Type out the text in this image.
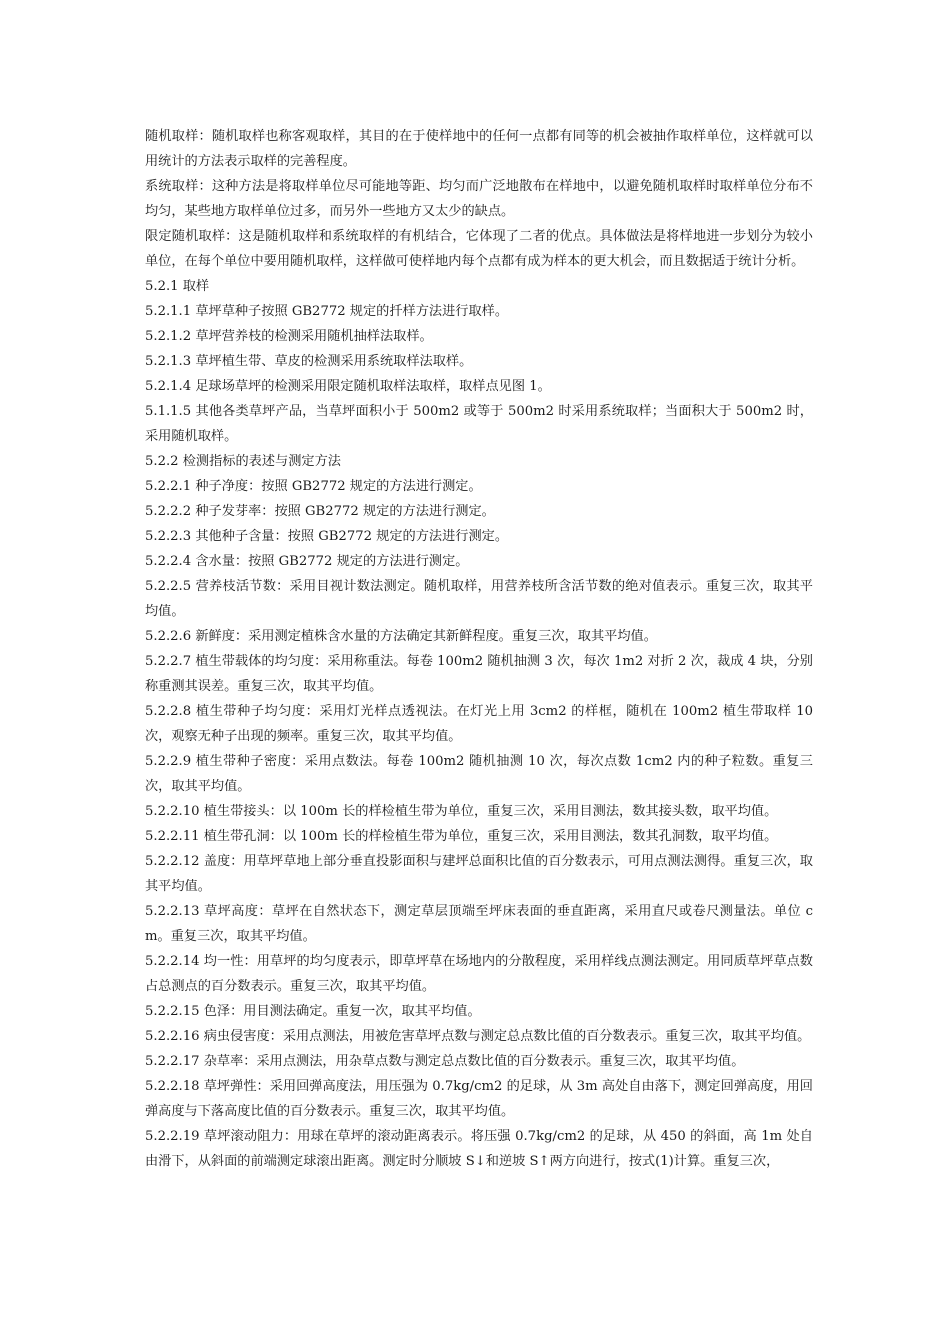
随机取样：随机取样也称客观取样，其目的在于使样地中的任何一点都有同等的机会被抽作取样单位，这样就可以用统计的方法表示取样的完善程度。

系统取样：这种方法是将取样单位尽可能地等距、均匀而广泛地散布在样地中，以避免随机取样时取样单位分布不均匀，某些地方取样单位过多，而另外一些地方又太少的缺点。

限定随机取样：这是随机取样和系统取样的有机结合，它体现了二者的优点。具体做法是将样地进一步划分为较小单位，在每个单位中要用随机取样，这样做可使样地内每个点都有成为样本的更大机会，而且数据适于统计分析。

5.2.1 取样

5.2.1.1 草坪草种子按照 GB2772 规定的扦样方法进行取样。

5.2.1.2 草坪营养枝的检测采用随机抽样法取样。

5.2.1.3 草坪植生带、草皮的检测采用系统取样法取样。

5.2.1.4 足球场草坪的检测采用限定随机取样法取样，取样点见图 1。

5.1.1.5 其他各类草坪产品，当草坪面积小于 500m2 或等于 500m2 时采用系统取样；当面积大于 500m2 时，采用随机取样。

5.2.2 检测指标的表述与测定方法

5.2.2.1 种子净度：按照 GB2772 规定的方法进行测定。

5.2.2.2 种子发芽率：按照 GB2772 规定的方法进行测定。

5.2.2.3 其他种子含量：按照 GB2772 规定的方法进行测定。

5.2.2.4 含水量：按照 GB2772 规定的方法进行测定。

5.2.2.5 营养枝活节数：采用目视计数法测定。随机取样，用营养枝所含活节数的绝对值表示。重复三次，取其平均值。

5.2.2.6 新鲜度：采用测定植株含水量的方法确定其新鲜程度。重复三次，取其平均值。

5.2.2.7 植生带载体的均匀度：采用称重法。每卷 100m2 随机抽测 3 次，每次 1m2 对折 2 次，裁成 4 块，分别称重测其误差。重复三次，取其平均值。

5.2.2.8 植生带种子均匀度：采用灯光样点透视法。在灯光上用 3cm2 的样框，随机在 100m2 植生带取样 10 次，观察无种子出现的频率。重复三次，取其平均值。

5.2.2.9 植生带种子密度：采用点数法。每卷 100m2 随机抽测 10 次，每次点数 1cm2 内的种子粒数。重复三次，取其平均值。

5.2.2.10 植生带接头：以 100m 长的样检植生带为单位，重复三次，采用目测法，数其接头数，取平均值。

5.2.2.11 植生带孔洞：以 100m 长的样检植生带为单位，重复三次，采用目测法，数其孔洞数，取平均值。

5.2.2.12 盖度：用草坪草地上部分垂直投影面积与建坪总面积比值的百分数表示，可用点测法测得。重复三次，取其平均值。

5.2.2.13 草坪高度：草坪在自然状态下，测定草层顶端至坪床表面的垂直距离，采用直尺或卷尺测量法。单位 cm。重复三次，取其平均值。

5.2.2.14 均一性：用草坪的均匀度表示，即草坪草在场地内的分散程度，采用样线点测法测定。用同质草坪草点数占总测点的百分数表示。重复三次，取其平均值。

5.2.2.15 色泽：用目测法确定。重复一次，取其平均值。

5.2.2.16 病虫侵害度：采用点测法，用被危害草坪点数与测定总点数比值的百分数表示。重复三次，取其平均值。

5.2.2.17 杂草率：采用点测法，用杂草点数与测定总点数比值的百分数表示。重复三次，取其平均值。

5.2.2.18 草坪弹性：采用回弹高度法，用压强为 0.7kg/cm2 的足球，从 3m 高处自由落下，测定回弹高度，用回弹高度与下落高度比值的百分数表示。重复三次，取其平均值。

5.2.2.19 草坪滚动阻力：用球在草坪的滚动距离表示。将压强 0.7kg/cm2 的足球，从 450 的斜面，高 1m 处自由滑下，从斜面的前端测定球滚出距离。测定时分顺坡 S↓和逆坡 S↑两方向进行，按式(1)计算。重复三次，
